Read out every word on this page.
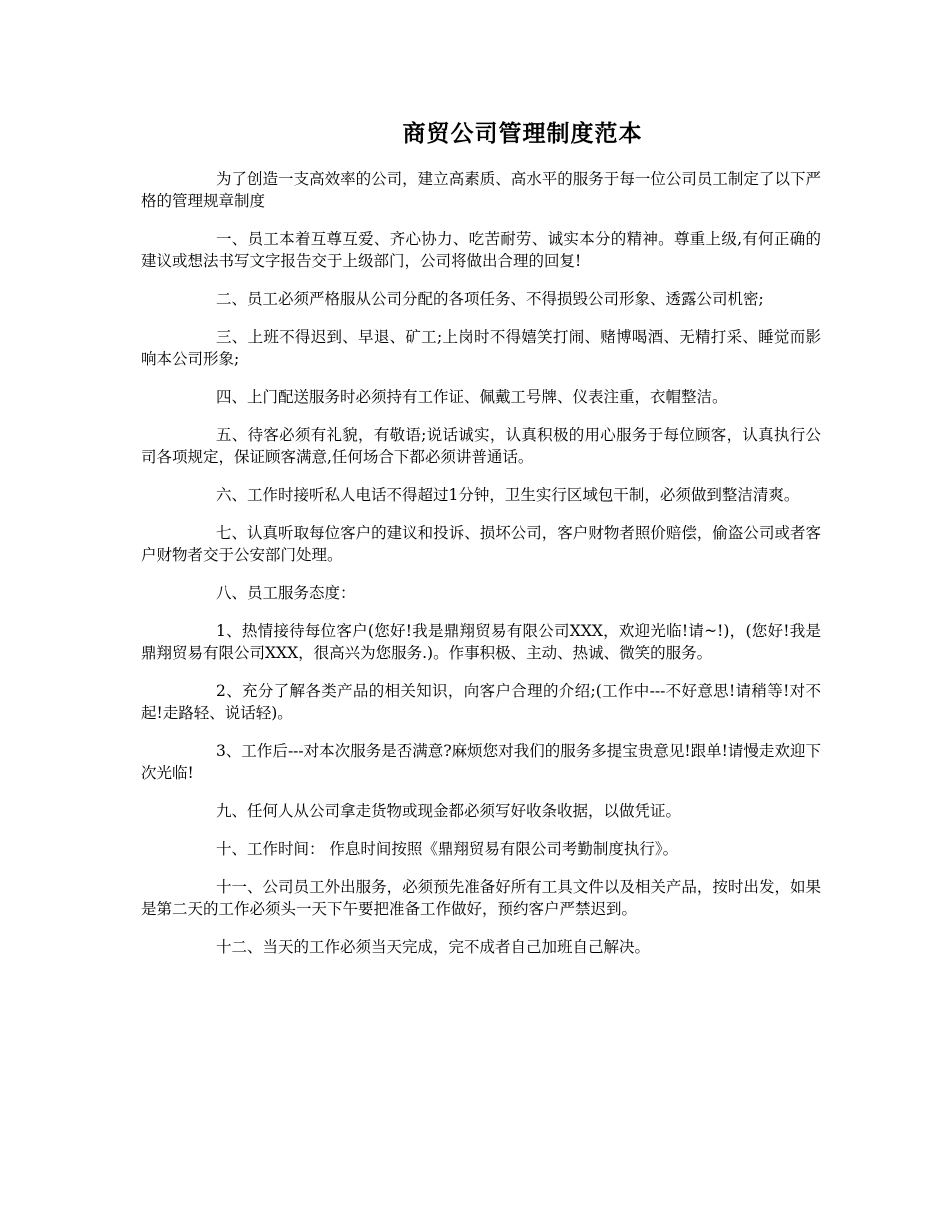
商贸公司管理制度范本

为了创造一支高效率的公司，建立高素质、高水平的服务于每一位公司员工制定了以下严格的管理规章制度

一、员工本着互尊互爱、齐心协力、吃苦耐劳、诚实本分的精神。尊重上级,有何正确的建议或想法书写文字报告交于上级部门，公司将做出合理的回复!

二、员工必须严格服从公司分配的各项任务、不得损毁公司形象、透露公司机密;

三、上班不得迟到、早退、矿工;上岗时不得嬉笑打闹、赌博喝酒、无精打采、睡觉而影响本公司形象;

四、上门配送服务时必须持有工作证、佩戴工号牌、仪表注重，衣帽整洁。

五、待客必须有礼貌，有敬语;说话诚实，认真积极的用心服务于每位顾客，认真执行公司各项规定，保证顾客满意,任何场合下都必须讲普通话。

六、工作时接听私人电话不得超过1分钟，卫生实行区域包干制，必须做到整洁清爽。

七、认真听取每位客户的建议和投诉、损坏公司，客户财物者照价赔偿，偷盗公司或者客户财物者交于公安部门处理。

八、员工服务态度：

1、热情接待每位客户(您好!我是鼎翔贸易有限公司XXX，欢迎光临!请~!)，(您好!我是鼎翔贸易有限公司XXX，很高兴为您服务.)。作事积极、主动、热诚、微笑的服务。

2、充分了解各类产品的相关知识，向客户合理的介绍;(工作中---不好意思!请稍等!对不起!走路轻、说话轻)。

3、工作后---对本次服务是否满意?麻烦您对我们的服务多提宝贵意见!跟单!请慢走欢迎下次光临!

九、任何人从公司拿走货物或现金都必须写好收条收据，以做凭证。

十、工作时间： 作息时间按照《鼎翔贸易有限公司考勤制度执行》。

十一、公司员工外出服务，必须预先准备好所有工具文件以及相关产品，按时出发，如果是第二天的工作必须头一天下午要把准备工作做好，预约客户严禁迟到。

十二、当天的工作必须当天完成，完不成者自己加班自己解决。
